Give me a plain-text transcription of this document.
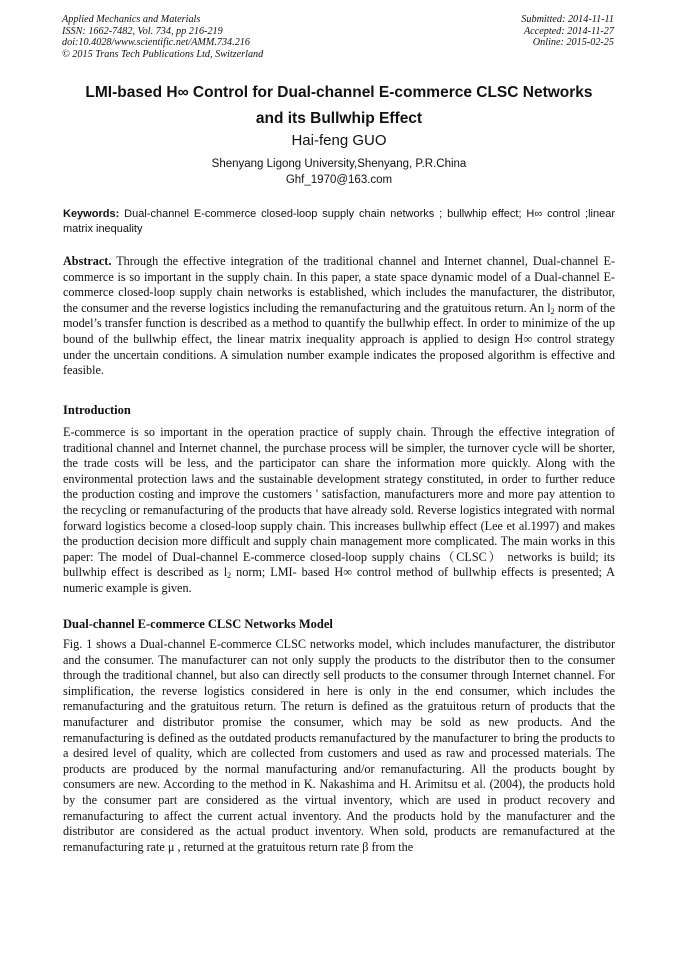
Applied Mechanics and Materials
ISSN: 1662-7482, Vol. 734, pp 216-219
doi:10.4028/www.scientific.net/AMM.734.216
© 2015 Trans Tech Publications Ltd, Switzerland
Submitted: 2014-11-11
Accepted: 2014-11-27
Online: 2015-02-25
LMI-based H∞ Control for Dual-channel E-commerce CLSC Networks
and its Bullwhip Effect
Hai-feng GUO
Shenyang Ligong University,Shenyang, P.R.China
Ghf_1970@163.com
Keywords: Dual-channel E-commerce closed-loop supply chain networks ; bullwhip effect; H∞ control ;linear matrix inequality
Abstract. Through the effective integration of the traditional channel and Internet channel, Dual-channel E-commerce is so important in the supply chain. In this paper, a state space dynamic model of a Dual-channel E-commerce closed-loop supply chain networks is established, which includes the manufacturer, the distributor, the consumer and the reverse logistics including the remanufacturing and the gratuitous return. An $l_2$ norm of the model’s transfer function is described as a method to quantify the bullwhip effect. In order to minimize of the up bound of the bullwhip effect, the linear matrix inequality approach is applied to design H∞ control strategy under the uncertain conditions. A simulation number example indicates the proposed algorithm is effective and feasible.
Introduction
E-commerce is so important in the operation practice of supply chain. Through the effective integration of traditional channel and Internet channel, the purchase process will be simpler, the turnover cycle will be shorter, the trade costs will be less, and the participator can share the information more quickly. Along with the environmental protection laws and the sustainable development strategy constituted, in order to further reduce the production costing and improve the customers ' satisfaction, manufacturers more and more pay attention to the recycling or remanufacturing of the products that have already sold. Reverse logistics integrated with normal forward logistics become a closed-loop supply chain. This increases bullwhip effect (Lee et al.1997) and makes the production decision more difficult and supply chain management more complicated. The main works in this paper: The model of Dual-channel E-commerce closed-loop supply chains（CLSC） networks is build; its bullwhip effect is described as $l_2$ norm; LMI- based H∞ control method of bullwhip effects is presented; A numeric example is given.
Dual-channel E-commerce CLSC Networks Model
Fig. 1 shows a Dual-channel E-commerce CLSC networks model, which includes manufacturer, the distributor and the consumer. The manufacturer can not only supply the products to the distributor then to the consumer through the traditional channel, but also can directly sell products to the consumer through Internet channel. For simplification, the reverse logistics considered in here is only in the end consumer, which includes the remanufacturing and the gratuitous return. The return is defined as the gratuitous return of products that the manufacturer and distributor promise the consumer, which may be sold as new products. And the remanufacturing is defined as the outdated products remanufactured by the manufacturer to bring the products to a desired level of quality, which are collected from customers and used as raw and processed materials. The products are produced by the normal manufacturing and/or remanufacturing. All the products bought by consumers are new. According to the method in K. Nakashima and H. Arimitsu et al. (2004), the products hold by the consumer part are considered as the virtual inventory, which are used in product recovery and remanufacturing to affect the current actual inventory. And the products hold by the manufacturer and the distributor are considered as the actual product inventory. When sold, products are remanufactured at the remanufacturing rate μ , returned at the gratuitous return rate β from the
